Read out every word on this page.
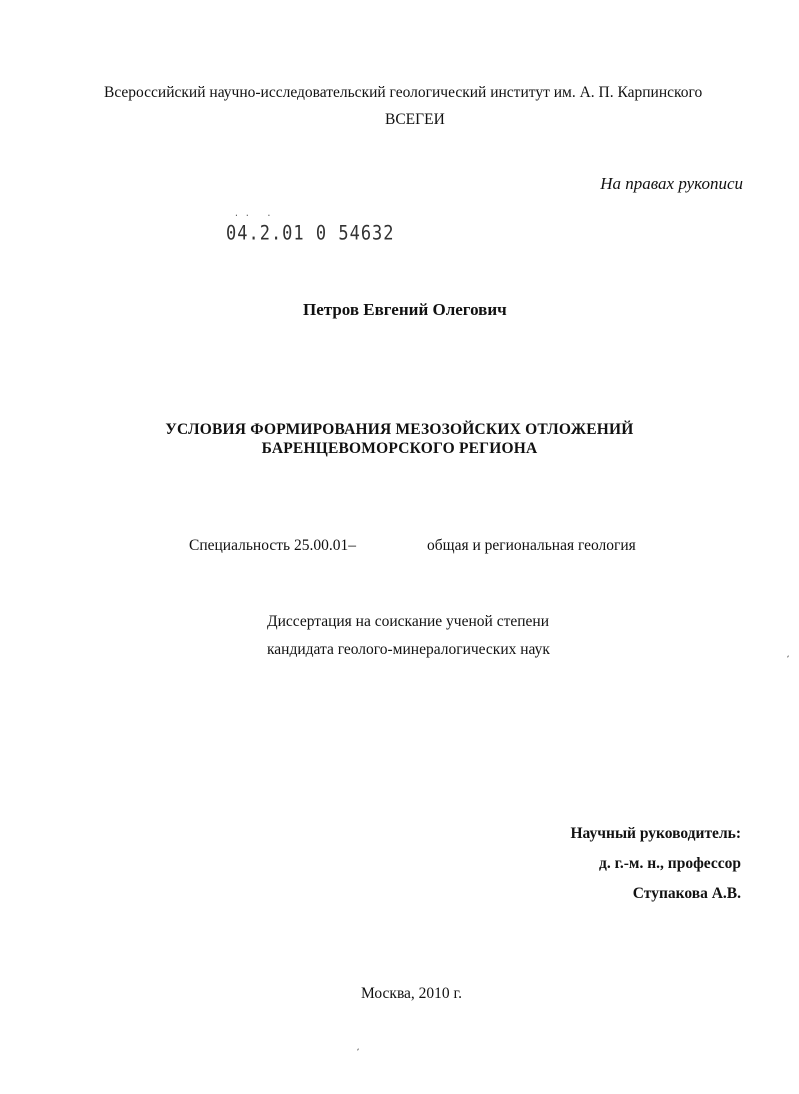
Всероссийский научно-исследовательский геологический институт им. А. П. Карпинского
ВСЕГЕИ
На правах рукописи
·· ·
04.2.01 0 54632
Петров Евгений Олегович
УСЛОВИЯ ФОРМИРОВАНИЯ МЕЗОЗОЙСКИХ ОТЛОЖЕНИЙ
БАРЕНЦЕВОМОРСКОГО РЕГИОНА
Специальность 25.00.01–	общая и региональная геология
Диссертация на соискание ученой степени
кандидата геолого-минералогических наук
Научный руководитель:
д. г.-м. н., профессор
Ступакова А.В.
Москва, 2010 г.
